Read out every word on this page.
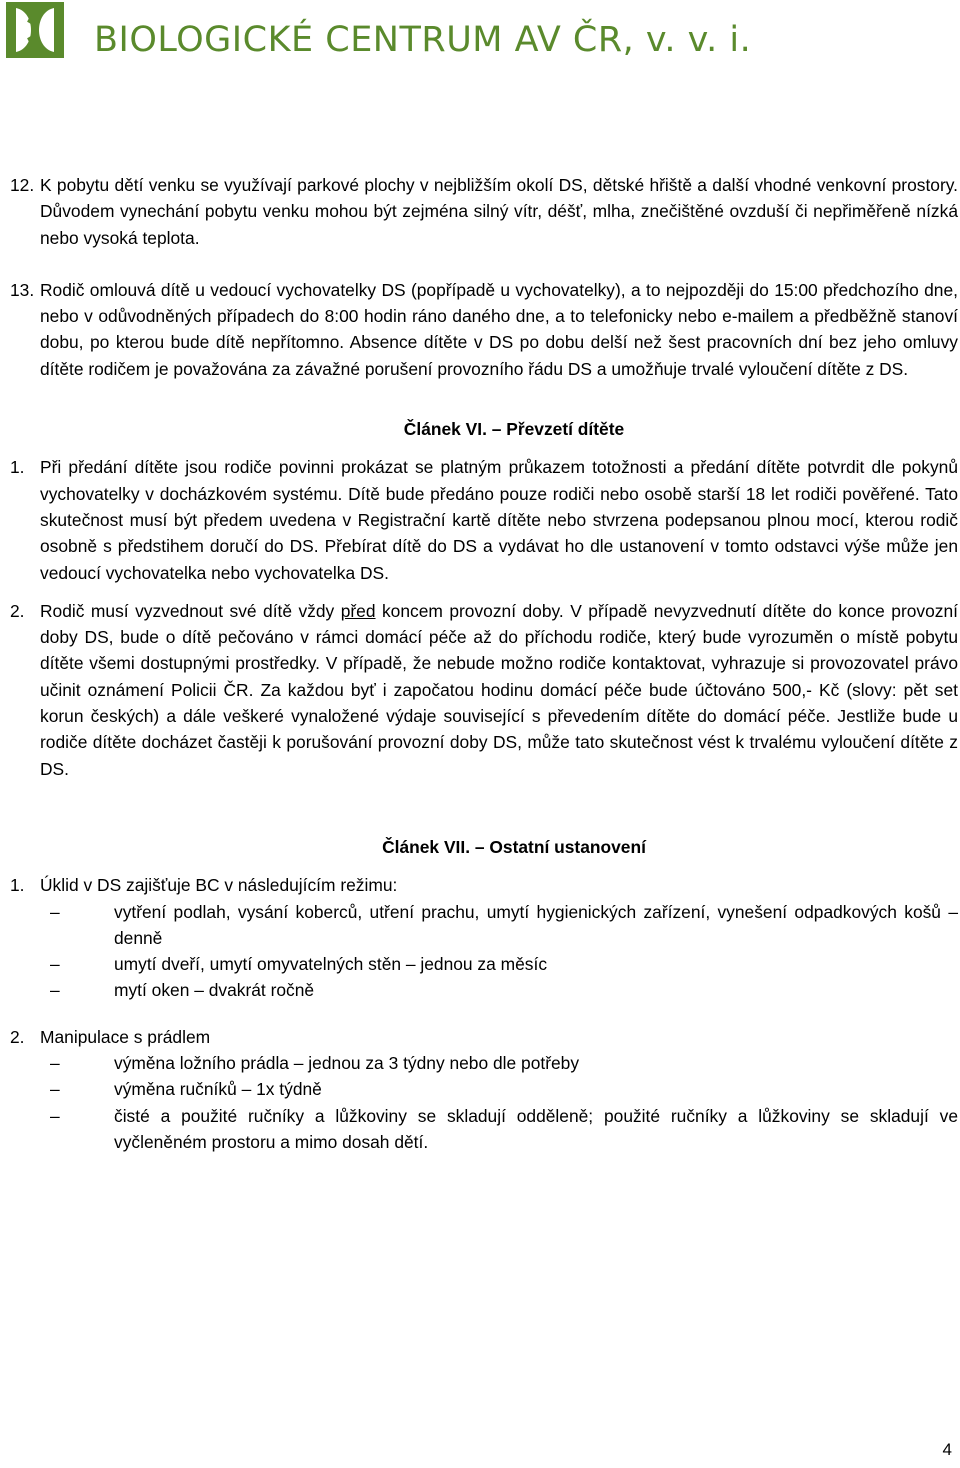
BIOLOGICKÉ CENTRUM AV ČR, v. v. i.
12. K pobytu dětí venku se využívají parkové plochy v nejbližším okolí DS, dětské hřiště a další vhodné venkovní prostory. Důvodem vynechání pobytu venku mohou být zejména silný vítr, déšť, mlha, znečištěné ovzduší či nepřiměřeně nízká nebo vysoká teplota.
13. Rodič omlouvá dítě u vedoucí vychovatelky DS (popřípadě u vychovatelky), a to nejpozději do 15:00 předchozího dne, nebo v odůvodněných případech do 8:00 hodin ráno daného dne, a to telefonicky nebo e-mailem a předběžně stanoví dobu, po kterou bude dítě nepřítomno. Absence dítěte v DS po dobu delší než šest pracovních dní bez jeho omluvy dítěte rodičem je považována za závažné porušení provozního řádu DS a umožňuje trvalé vyloučení dítěte z DS.
Článek VI. – Převzetí dítěte
1. Při předání dítěte jsou rodiče povinni prokázat se platným průkazem totožnosti a předání dítěte potvrdit dle pokynů vychovatelky v docházkovém systému. Dítě bude předáno pouze rodiči nebo osobě starší 18 let rodiči pověřené. Tato skutečnost musí být předem uvedena v Registrační kartě dítěte nebo stvrzena podepsanou plnou mocí, kterou rodič osobně s předstihem doručí do DS. Přebírat dítě do DS a vydávat ho dle ustanovení v tomto odstavci výše může jen vedoucí vychovatelka nebo vychovatelka DS.
2. Rodič musí vyzvednout své dítě vždy před koncem provozní doby. V případě nevyzvednutí dítěte do konce provozní doby DS, bude o dítě pečováno v rámci domácí péče až do příchodu rodiče, který bude vyrozuměn o místě pobytu dítěte všemi dostupnými prostředky. V případě, že nebude možno rodiče kontaktovat, vyhrazuje si provozovatel právo učinit oznámení Policii ČR. Za každou byť i započatou hodinu domácí péče bude účtováno 500,- Kč (slovy: pět set korun českých) a dále veškeré vynaložené výdaje související s převedením dítěte do domácí péče. Jestliže bude u rodiče dítěte docházet častěji k porušování provozní doby DS, může tato skutečnost vést k trvalému vyloučení dítěte z DS.
Článek VII. – Ostatní ustanovení
1. Úklid v DS zajišťuje BC v následujícím režimu:
–	vytření podlah, vysání koberců, utření prachu, umytí hygienických zařízení, vynešení odpadkových košů – denně
–	umytí dveří, umytí omyvatelných stěn – jednou za měsíc
–	mytí oken – dvakrát ročně
2. Manipulace s prádlem
–	výměna ložního prádla – jednou za 3 týdny nebo dle potřeby
–	výměna ručníků – 1x týdně
–	čisté a použité ručníky a lůžkoviny se skladují odděleně; použité ručníky a lůžkoviny se skladují ve vyčleněném prostoru a mimo dosah dětí.
4
